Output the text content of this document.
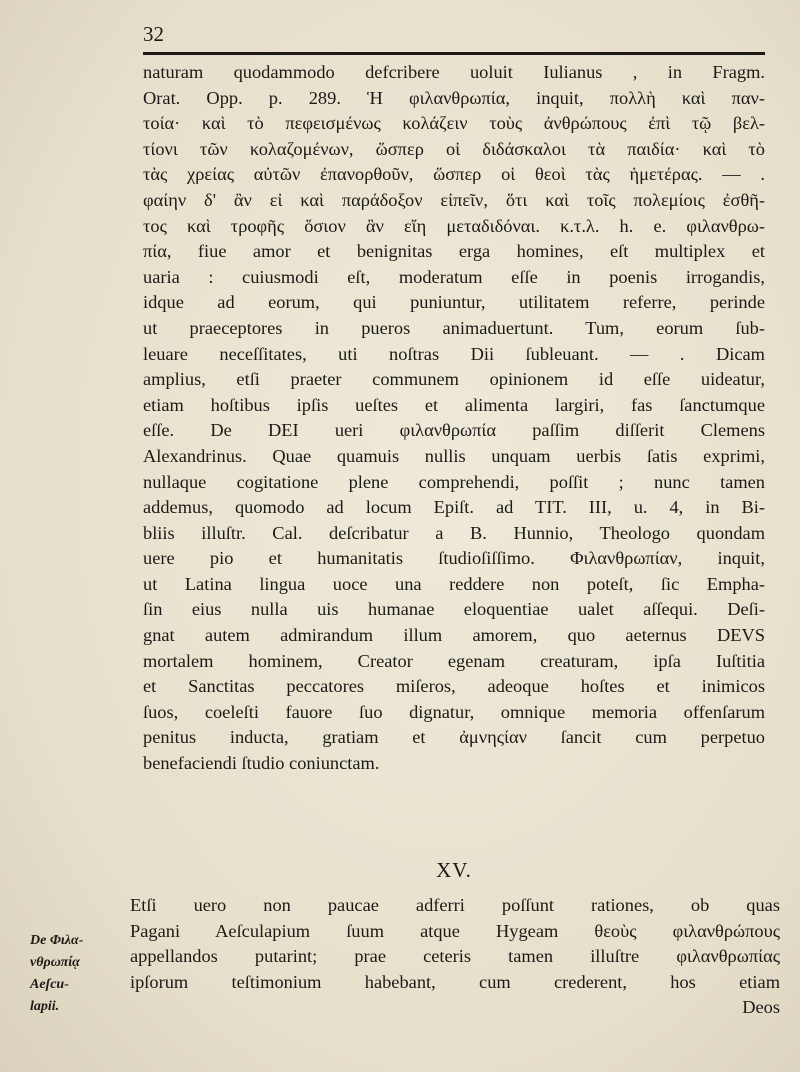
32
naturam quodammodo defcribere uoluit Iulianus , in Fragm.
Orat. Opp. p. 289. Ἡ φιλανθρωπία, inquit, πολλὴ καὶ παν-
τοία· καὶ τὸ πεφεισμένως κολάζειν τοὺς ἀνθρώπους ἐπὶ τῷ βελ-
τίονι τῶν κολαζομένων, ὥσπερ οἱ διδάσκαλοι τὰ παιδία· καὶ τὸ
τὰς χρείας αὐτῶν ἐπανορθοῦν, ὥσπερ οἱ θεοὶ τὰς ἡμετέρας. — .
φαίην δ' ἂν εἰ καὶ παράδοξον εἰπεῖν, ὅτι καὶ τοῖς πολεμίοις ἐσθῆ-
τος καὶ τροφῆς ὅσιον ἂν εἴη μεταδιδόναι. κ.τ.λ. h. e. φιλανθρω-
πία, fiue amor et benignitas erga homines, eſt multiplex et
uaria : cuiusmodi eſt, moderatum eſſe in poenis irrogandis,
idque ad eorum, qui puniuntur, utilitatem referre, perinde
ut praeceptores in pueros animaduertunt. Tum, eorum ſub-
leuare neceſſitates, uti noſtras Dii ſubleuant. — . Dicam
amplius, etſi praeter communem opinionem id eſſe uideatur,
etiam hoſtibus ipſis ueſtes et alimenta largiri, fas ſanctumque
eſſe. De DEI ueri φιλανθρωπία paſſim diſſerit Clemens
Alexandrinus. Quae quamuis nullis unquam uerbis ſatis exprimi,
nullaque cogitatione plene comprehendi, poſſit ; nunc tamen
addemus, quomodo ad locum Epiſt. ad TIT. III, u. 4, in Bi-
bliis illuſtr. Cal. deſcribatur a B. Hunnio, Theologo quondam
uere pio et humanitatis ſtudioſiſſimo. Φιλανθρωπίαν, inquit,
ut Latina lingua uoce una reddere non poteſt, ſic Empha-
ſin eius nulla uis humanae eloquentiae ualet aſſequi. Deſi-
gnat autem admirandum illum amorem, quo aeternus DEVS
mortalem hominem, Creator egenam creaturam, ipſa Iuſtitia
et Sanctitas peccatores miſeros, adeoque hoſtes et inimicos
ſuos, coeleſti fauore ſuo dignatur, omnique memoria offenſarum
penitus inducta, gratiam et ἀμνηςίαν ſancit cum perpetuo
benefaciendi ſtudio coniunctam.
XV.
Etſi uero non paucae adferri poſſunt rationes, ob quas
Pagani Aeſculapium ſuum atque Hygeam θεοὺς φιλανθρώπους
appellandos putarint; prae ceteris tamen illuſtre φιλανθρωπίας
ipſorum teſtimonium habebant, cum crederent, hos etiam
Deos
De Φιλα-
νθρωπίᾳ
Aeſcu-
lapii.
